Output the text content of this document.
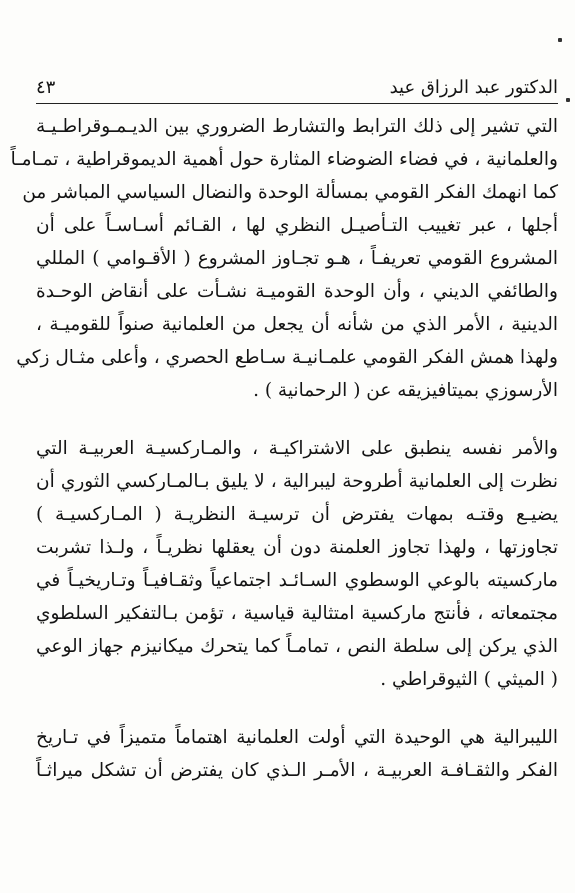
الدكتور عبد الرزاق عيد
٤٣
التي تشير إلى ذلك الترابط والتشارط الضروري بين الديـمـوقراطـيـة
والعلمانية ، في فضاء الضوضاء المثارة حول أهمية الديموقراطية ، تمـامـاً
كما انهمك الفكر القومي بمسألة الوحدة والنضال السياسي المباشر من
أجلها ، عبر تغييب التـأصيـل النظري لها ، القـائم أسـاسـاً على أن
المشروع القومي تعريفـاً ، هـو تجـاوز المشروع ( الأقـوامي ) المللي
والطائفي الديني ، وأن الوحدة القوميـة نشـأت على أنقاض الوحـدة
الدينية ، الأمر الذي من شأنه أن يجعل من العلمانية صنواً للقوميـة ،
ولهذا همش الفكر القومي علمـانيـة سـاطع الحصري ، وأعلى مثـال زكي
الأرسوزي بميتافيزيقه عن ( الرحمانية ) .
والأمر نفسه ينطبق على الاشتراكيـة ، والمـاركسيـة العربيـة التي
نظرت إلى العلمانية أطروحة ليبرالية ، لا يليق بـالمـاركسي الثوري أن
يضيـع وقتـه بمهات يفترض أن ترسيـة النظريـة ( المـاركسيـة )
تجاوزتها ، ولهذا تجاوز العلمنة دون أن يعقلها نظريـاً ، ولـذا تشربت
ماركسيته بالوعي الوسطوي السـائـد اجتماعياً وثقـافيـاً وتـاريخيـاً في
مجتمعاته ، فأنتج ماركسية امتثالية قياسية ، تؤمن بـالتفكير السلطوي
الذي يركن إلى سلطة النص ، تمامـاً كما يتحرك ميكانيزم جهاز الوعي
( الميثي ) الثيوقراطي .
الليبرالية هي الوحيدة التي أولت العلمانية اهتماماً متميزاً في تـاريخ
الفكر والثقـافـة العربيـة ، الأمـر الـذي كان يفترض أن تشكل ميراثـاً
